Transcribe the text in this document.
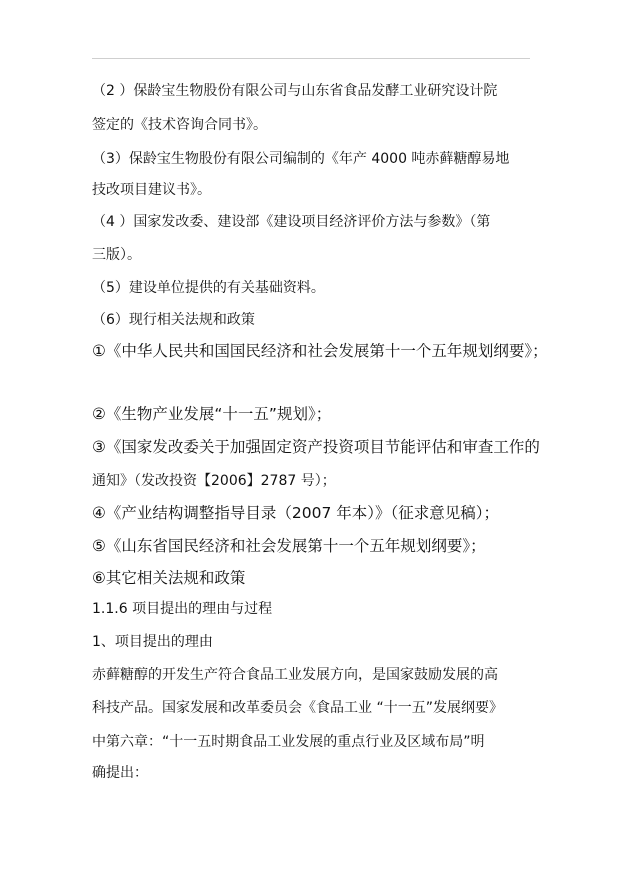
（2 ）保龄宝生物股份有限公司与山东省食品发酵工业研究设计院
签定的《技术咨询合同书》。
（3）保龄宝生物股份有限公司编制的《年产 4000 吨赤藓糖醇易地
技改项目建议书》。
（4 ）国家发改委、建设部《建设项目经济评价方法与参数》（第
三版）。
（5）建设单位提供的有关基础资料。
（6）现行相关法规和政策
①《中华人民共和国国民经济和社会发展第十一个五年规划纲要》；
②《生物产业发展“十一五”规划》；
③《国家发改委关于加强固定资产投资项目节能评估和审查工作的
通知》（发改投资【2006】2787 号）；
④《产业结构调整指导目录（2007 年本）》（征求意见稿）；
⑤《山东省国民经济和社会发展第十一个五年规划纲要》；
⑥其它相关法规和政策
1.1.6 项目提出的理由与过程
1、项目提出的理由
赤藓糖醇的开发生产符合食品工业发展方向，是国家鼓励发展的高
科技产品。国家发展和改革委员会《食品工业 “十一五”发展纲要》
中第六章：“十一五时期食品工业发展的重点行业及区域布局”明
确提出：
